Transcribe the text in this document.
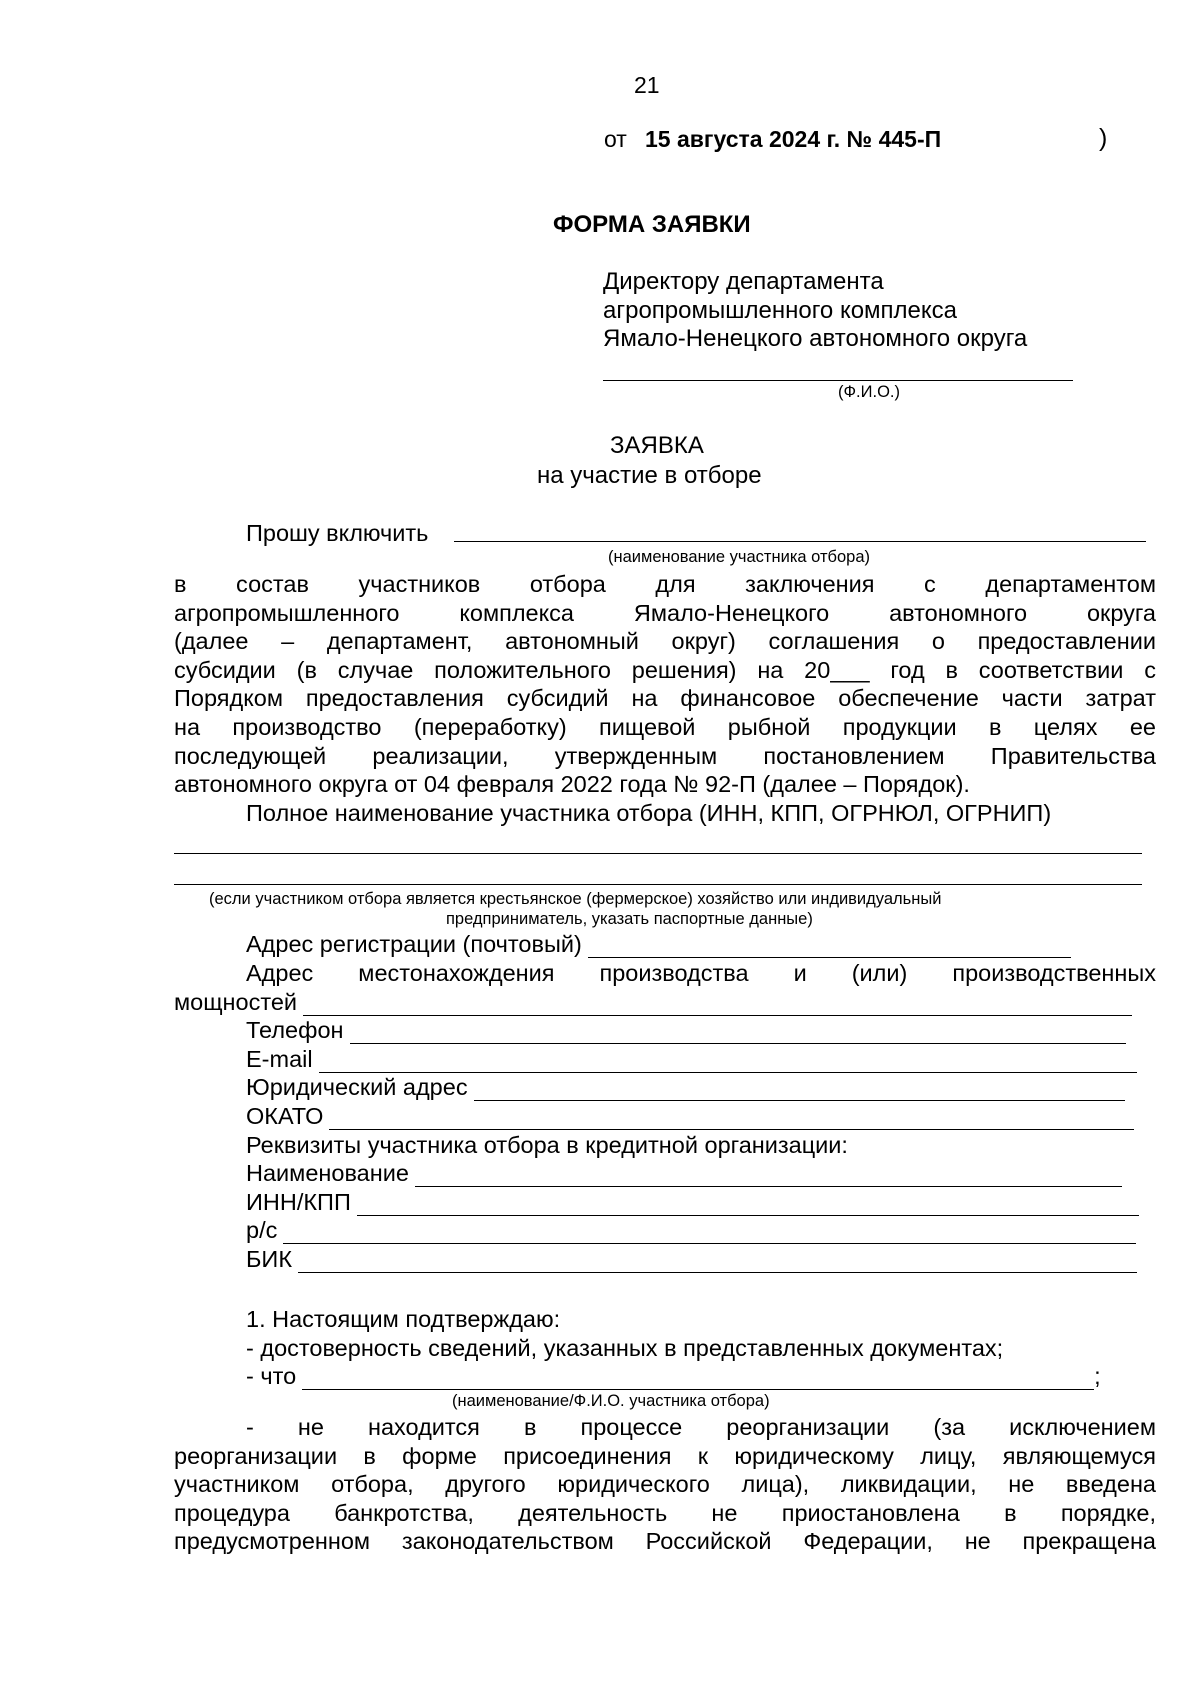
21
от 15 августа 2024 г. № 445-П	)
ФОРМА ЗАЯВКИ
Директору департамента
агропромышленного комплекса
Ямало-Ненецкого автономного округа
(Ф.И.О.)
ЗАЯВКА
на участие в отборе
Прошу включить
(наименование участника отбора)
в состав участников отбора для заключения с департаментом
агропромышленного комплекса Ямало-Ненецкого автономного округа
(далее – департамент, автономный округ) соглашения о предоставлении
субсидии (в случае положительного решения) на 20___ год в соответствии с
Порядком предоставления субсидий на финансовое обеспечение части затрат
на производство (переработку) пищевой рыбной продукции в целях ее
последующей реализации, утвержденным постановлением Правительства
автономного округа от 04 февраля 2022 года № 92-П (далее – Порядок).
Полное наименование участника отбора (ИНН, КПП, ОГРНЮЛ, ОГРНИП)
(если участником отбора является крестьянское (фермерское) хозяйство или индивидуальный
предприниматель, указать паспортные данные)
Адрес регистрации (почтовый)
Адрес местонахождения производства и (или) производственных
мощностей
Телефон
E-mail
Юридический адрес
ОКАТО
Реквизиты участника отбора в кредитной организации:
Наименование
ИНН/КПП
р/с
БИК
1. Настоящим подтверждаю:
- достоверность сведений, указанных в представленных документах;
- что	;
(наименование/Ф.И.О. участника отбора)
- не находится в процессе реорганизации (за исключением
реорганизации в форме присоединения к юридическому лицу, являющемуся
участником отбора, другого юридического лица), ликвидации, не введена
процедура банкротства, деятельность не приостановлена в порядке,
предусмотренном законодательством Российской Федерации, не прекращена
